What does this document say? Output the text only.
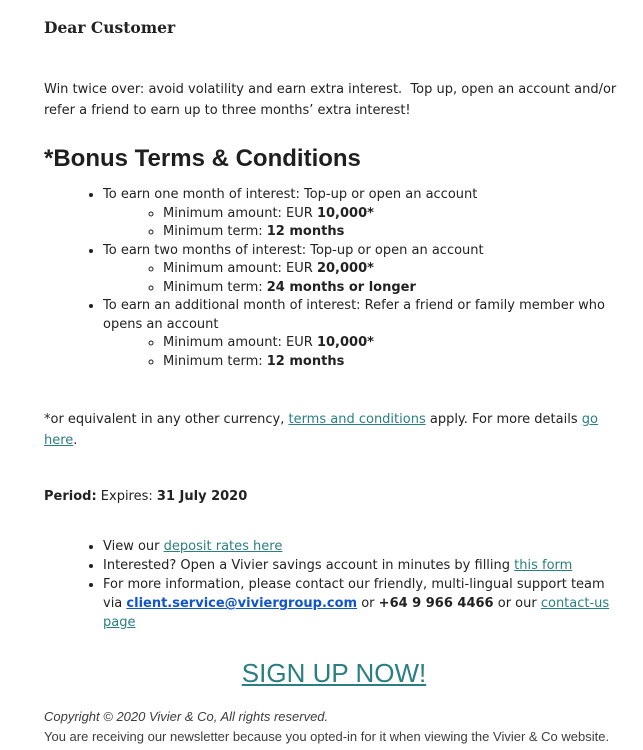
Dear Customer

Win twice over: avoid volatility and earn extra interest.  Top up, open an account and/or refer a friend to earn up to three months’ extra interest!

*Bonus Terms & Conditions
• To earn one month of interest: Top-up or open an account
◦ Minimum amount: EUR 10,000*
◦ Minimum term: 12 months
• To earn two months of interest: Top-up or open an account
◦ Minimum amount: EUR 20,000*
◦ Minimum term: 24 months or longer
• To earn an additional month of interest: Refer a friend or family member who opens an account
◦ Minimum amount: EUR 10,000*
◦ Minimum term: 12 months

*or equivalent in any other currency, terms and conditions apply. For more details go here.

Period: Expires: 31 July 2020

• View our deposit rates here
• Interested? Open a Vivier savings account in minutes by filling this form
• For more information, please contact our friendly, multi-lingual support team via client.service@viviergroup.com or +64 9 966 4466 or our contact-us page

SIGN UP NOW!

Copyright © 2020 Vivier & Co, All rights reserved.

You are receiving our newsletter because you opted-in for it when viewing the Vivier & Co website.
